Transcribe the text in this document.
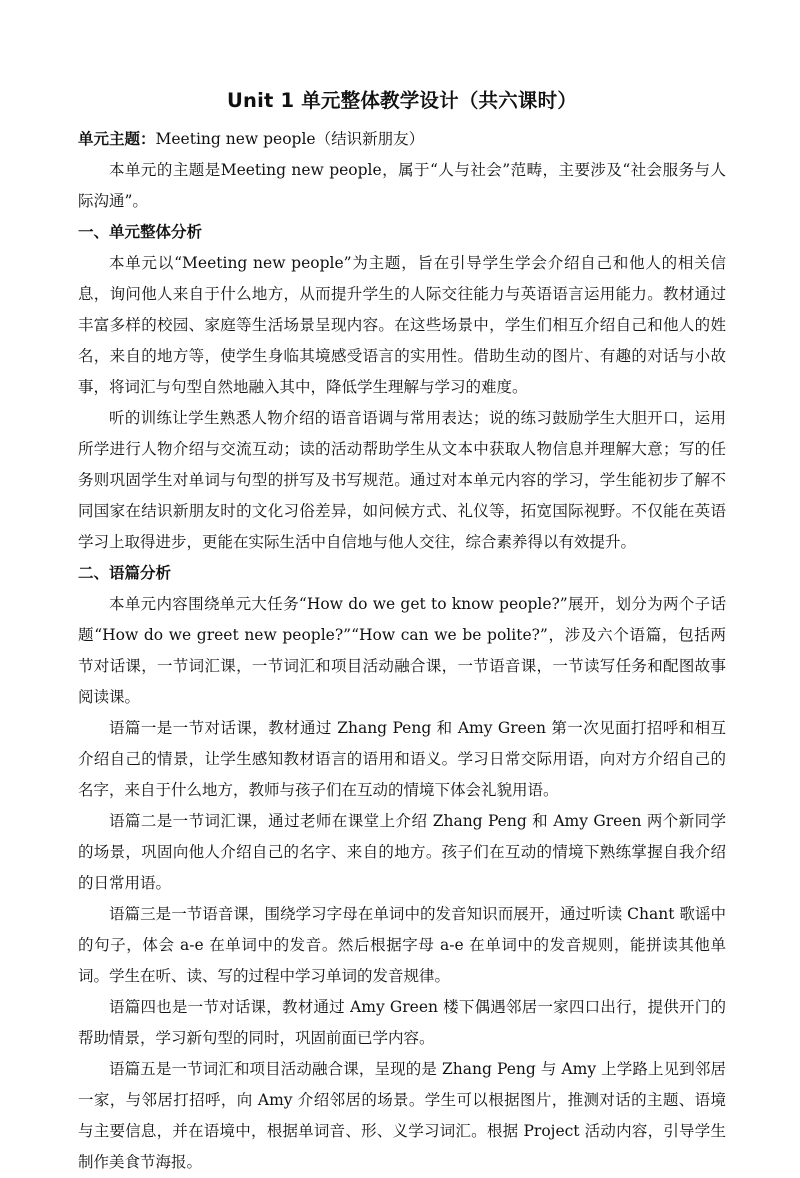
Unit 1 单元整体教学设计（共六课时）

单元主题：Meeting new people（结识新朋友）

本单元的主题是Meeting new people，属于“人与社会”范畴，主要涉及“社会服务与人际沟通”。

一、单元整体分析

本单元以“Meeting new people”为主题，旨在引导学生学会介绍自己和他人的相关信息，询问他人来自于什么地方，从而提升学生的人际交往能力与英语语言运用能力。教材通过丰富多样的校园、家庭等生活场景呈现内容。在这些场景中，学生们相互介绍自己和他人的姓名，来自的地方等，使学生身临其境感受语言的实用性。借助生动的图片、有趣的对话与小故事，将词汇与句型自然地融入其中，降低学生理解与学习的难度。

听的训练让学生熟悉人物介绍的语音语调与常用表达；说的练习鼓励学生大胆开口，运用所学进行人物介绍与交流互动；读的活动帮助学生从文本中获取人物信息并理解大意；写的任务则巩固学生对单词与句型的拼写及书写规范。通过对本单元内容的学习，学生能初步了解不同国家在结识新朋友时的文化习俗差异，如问候方式、礼仪等，拓宽国际视野。不仅能在英语学习上取得进步，更能在实际生活中自信地与他人交往，综合素养得以有效提升。

二、语篇分析

本单元内容围绕单元大任务“How do we get to know people?”展开，划分为两个子话题“How do we greet new people?”“How can we be polite?”，涉及六个语篇，包括两节对话课，一节词汇课，一节词汇和项目活动融合课，一节语音课，一节读写任务和配图故事阅读课。

语篇一是一节对话课，教材通过 Zhang Peng 和 Amy Green 第一次见面打招呼和相互介绍自己的情景，让学生感知教材语言的语用和语义。学习日常交际用语，向对方介绍自己的名字，来自于什么地方，教师与孩子们在互动的情境下体会礼貌用语。

语篇二是一节词汇课，通过老师在课堂上介绍 Zhang Peng 和 Amy Green 两个新同学的场景，巩固向他人介绍自己的名字、来自的地方。孩子们在互动的情境下熟练掌握自我介绍的日常用语。

语篇三是一节语音课，围绕学习字母在单词中的发音知识而展开，通过听读 Chant 歌谣中的句子，体会 a-e 在单词中的发音。然后根据字母 a-e 在单词中的发音规则，能拼读其他单词。学生在听、读、写的过程中学习单词的发音规律。

语篇四也是一节对话课，教材通过 Amy Green 楼下偶遇邻居一家四口出行，提供开门的帮助情景，学习新句型的同时，巩固前面已学内容。

语篇五是一节词汇和项目活动融合课，呈现的是 Zhang Peng 与 Amy 上学路上见到邻居一家，与邻居打招呼，向 Amy 介绍邻居的场景。学生可以根据图片，推测对话的主题、语境与主要信息，并在语境中，根据单词音、形、义学习词汇。根据 Project 活动内容，引导学生制作美食节海报。
